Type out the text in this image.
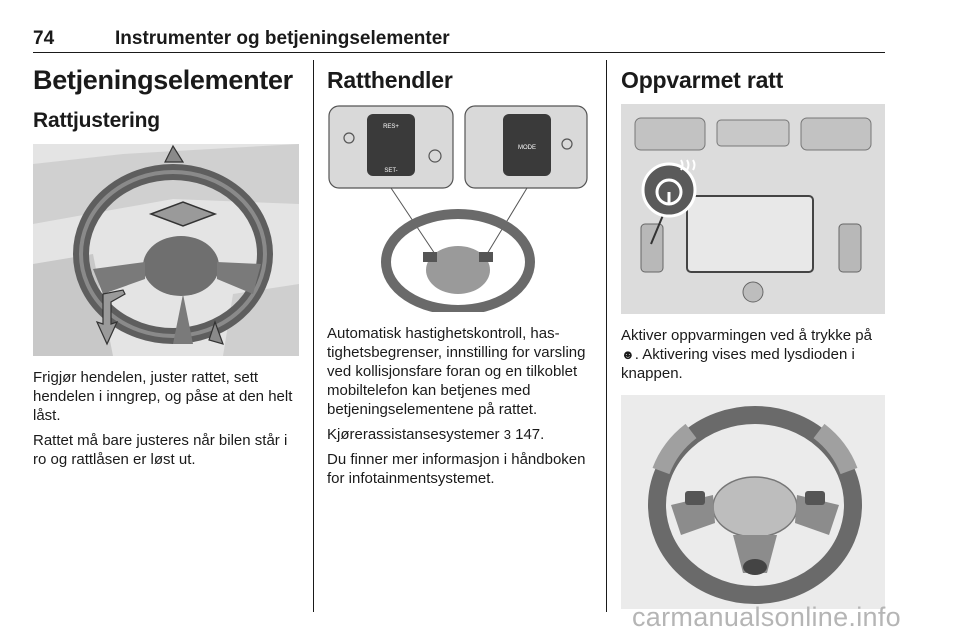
74	Instrumenter og betjeningselementer
Betjeningselementer
Rattjustering

Frigjør hendelen, juster rattet, sett hendelen i inngrep, og påse at den helt låst.

Rattet må bare justeres når bilen står i ro og rattlåsen er løst ut.

Ratthendler
RES+
SET-
MODE

Automatisk hastighetskontroll, hastighetsbegrenser, innstilling for varsling ved kollisjonsfare foran og en tilkoblet mobiltelefon kan betjenes med betjeningselementene på rattet.

Kjørerassistansesystemer 3 147.

Du finner mer informasjon i håndboken for infotainmentsystemet.

Oppvarmet ratt

Aktiver oppvarmingen ved å trykke på ☻. Aktivering vises med lysdioden i knappen.

carmanualsonline.info
